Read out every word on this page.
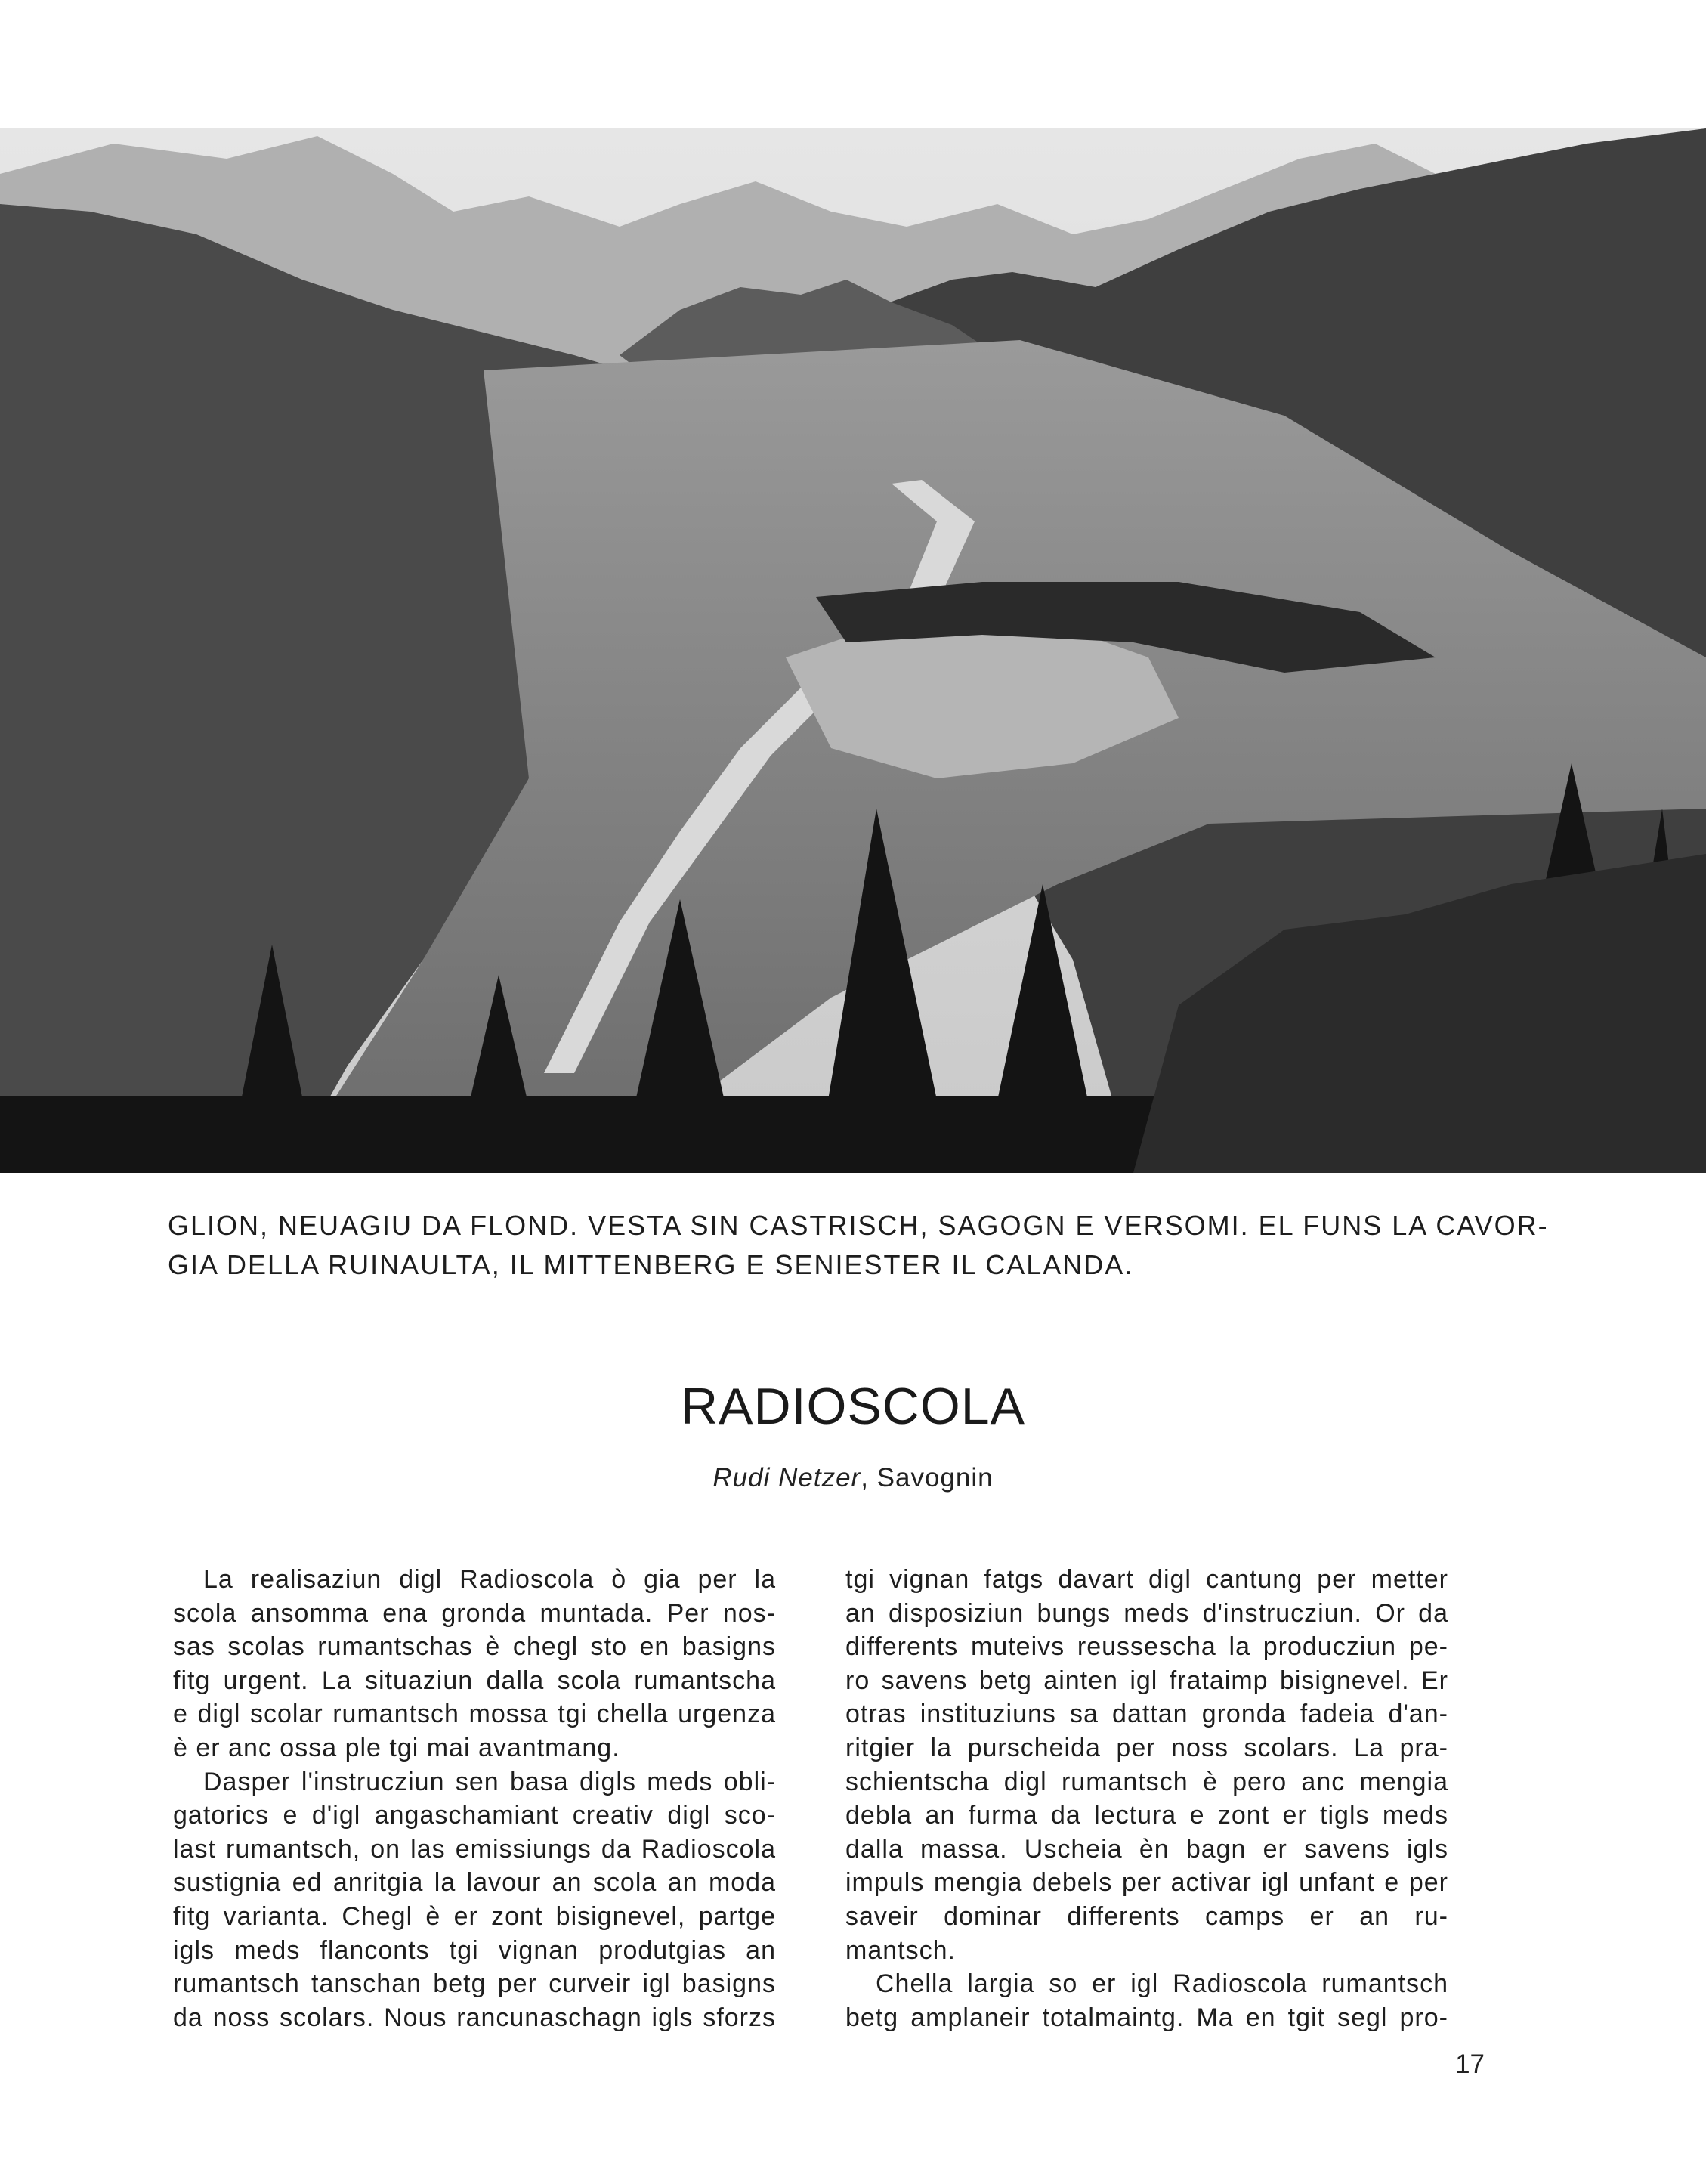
GLION, NEUAGIU DA FLOND. VESTA SIN CASTRISCH, SAGOGN E VERSOMI. EL FUNS LA CAVOR-
GIA DELLA RUINAULTA, IL MITTENBERG E SENIESTER IL CALANDA.
RADIOSCOLA
Rudi Netzer, Savognin
La realisaziun digl Radioscola ò gia per la
scola ansomma ena gronda muntada. Per nos-
sas scolas rumantschas è chegl sto en basigns
fitg urgent. La situaziun dalla scola rumantscha
e digl scolar rumantsch mossa tgi chella urgenza
è er anc ossa ple tgi mai avantmang.
Dasper l'instrucziun sen basa digls meds obli-
gatorics e d'igl angaschamiant creativ digl sco-
last rumantsch, on las emissiungs da Radioscola
sustignia ed anritgia la lavour an scola an moda
fitg varianta. Chegl è er zont bisignevel, partge
igls meds flanconts tgi vignan produtgias an
rumantsch tanschan betg per curveir igl basigns
da noss scolars. Nous rancunaschagn igls sforzs
tgi vignan fatgs davart digl cantung per metter
an disposiziun bungs meds d'instrucziun. Or da
differents muteivs reussescha la producziun pe-
ro savens betg ainten igl frataimp bisignevel. Er
otras instituziuns sa dattan gronda fadeia d'an-
ritgier la purscheida per noss scolars. La pra-
schientscha digl rumantsch è pero anc mengia
debla an furma da lectura e zont er tigls meds
dalla massa. Uscheia èn bagn er savens igls
impuls mengia debels per activar igl unfant e per
saveir dominar differents camps er an ru-
mantsch.
Chella largia so er igl Radioscola rumantsch
betg amplaneir totalmaintg. Ma en tgit segl pro-
17
